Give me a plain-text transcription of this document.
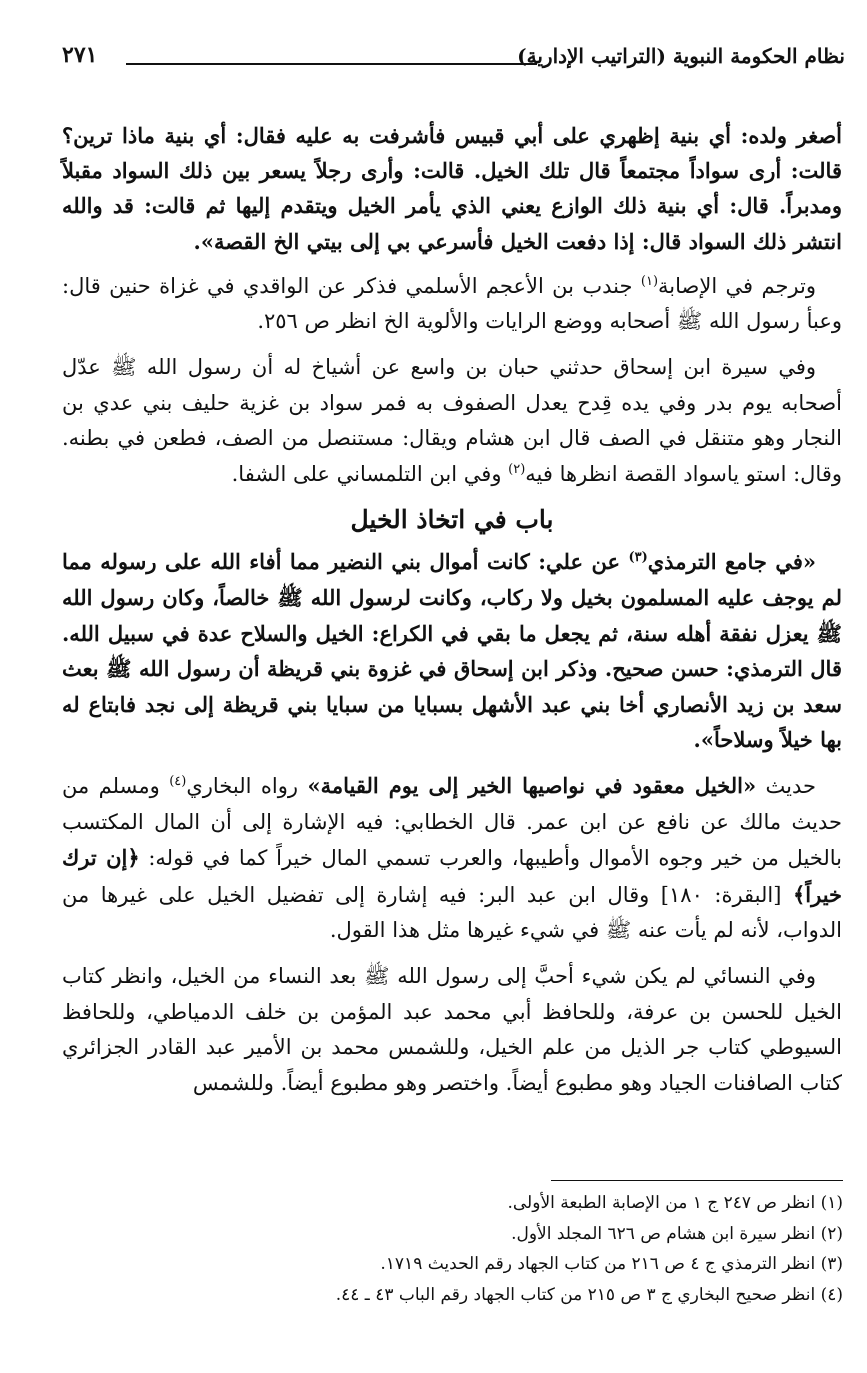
نظام الحكومة النبوية (التراتيب الإدارية)
٢٧١

أصغر ولده: أي بنية إظهري على أبي قبيس فأشرفت به عليه فقال: أي بنية ماذا ترين؟ قالت: أرى سواداً مجتمعاً قال تلك الخيل. قالت: وأرى رجلاً يسعر بين ذلك السواد مقبلاً ومدبراً. قال: أي بنية ذلك الوازع يعني الذي يأمر الخيل ويتقدم إليها ثم قالت: قد والله انتشر ذلك السواد قال: إذا دفعت الخيل فأسرعي بي إلى بيتي الخ القصة».

وترجم في الإصابة$^{(١)}$ جندب بن الأعجم الأسلمي فذكر عن الواقدي في غزاة حنين قال: وعبأ رسول الله ﷺ أصحابه ووضع الرايات والألوية الخ انظر ص ٢٥٦.

وفي سيرة ابن إسحاق حدثني حبان بن واسع عن أشياخ له أن رسول الله ﷺ عدّل أصحابه يوم بدر وفي يده قِدح يعدل الصفوف به فمر سواد بن غزية حليف بني عدي بن النجار وهو متنقل في الصف قال ابن هشام ويقال: مستنصل من الصف، فطعن في بطنه. وقال: استو ياسواد القصة انظرها فيه$^{(٢)}$ وفي ابن التلمساني على الشفا.

باب في اتخاذ الخيل

«في جامع الترمذي$^{(٣)}$ عن علي: كانت أموال بني النضير مما أفاء الله على رسوله مما لم يوجف عليه المسلمون بخيل ولا ركاب، وكانت لرسول الله ﷺ خالصاً، وكان رسول الله ﷺ يعزل نفقة أهله سنة، ثم يجعل ما بقي في الكراع: الخيل والسلاح عدة في سبيل الله. قال الترمذي: حسن صحيح. وذكر ابن إسحاق في غزوة بني قريظة أن رسول الله ﷺ بعث سعد بن زيد الأنصاري أخا بني عبد الأشهل بسبايا من سبايا بني قريظة إلى نجد فابتاع له بها خيلاً وسلاحاً».

حديث «الخيل معقود في نواصيها الخير إلى يوم القيامة» رواه البخاري$^{(٤)}$ ومسلم من حديث مالك عن نافع عن ابن عمر. قال الخطابي: فيه الإشارة إلى أن المال المكتسب بالخيل من خير وجوه الأموال وأطيبها، والعرب تسمي المال خيراً كما في قوله: ﴿إن ترك خيراً﴾ [البقرة: ١٨٠] وقال ابن عبد البر: فيه إشارة إلى تفضيل الخيل على غيرها من الدواب، لأنه لم يأت عنه ﷺ في شيء غيرها مثل هذا القول.

وفي النسائي لم يكن شيء أحبَّ إلى رسول الله ﷺ بعد النساء من الخيل، وانظر كتاب الخيل للحسن بن عرفة، وللحافظ أبي محمد عبد المؤمن بن خلف الدمياطي، وللحافظ السيوطي كتاب جر الذيل من علم الخيل، وللشمس محمد بن الأمير عبد القادر الجزائري كتاب الصافنات الجياد وهو مطبوع أيضاً. واختصر وهو مطبوع أيضاً. وللشمس

(١) انظر ص ٢٤٧ ج ١ من الإصابة الطبعة الأولى.

(٢) انظر سيرة ابن هشام ص ٦٢٦ المجلد الأول.

(٣) انظر الترمذي ج ٤ ص ٢١٦ من كتاب الجهاد رقم الحديث ١٧١٩.

(٤) انظر صحيح البخاري ج ٣ ص ٢١٥ من كتاب الجهاد رقم الباب ٤٣ ـ ٤٤.
